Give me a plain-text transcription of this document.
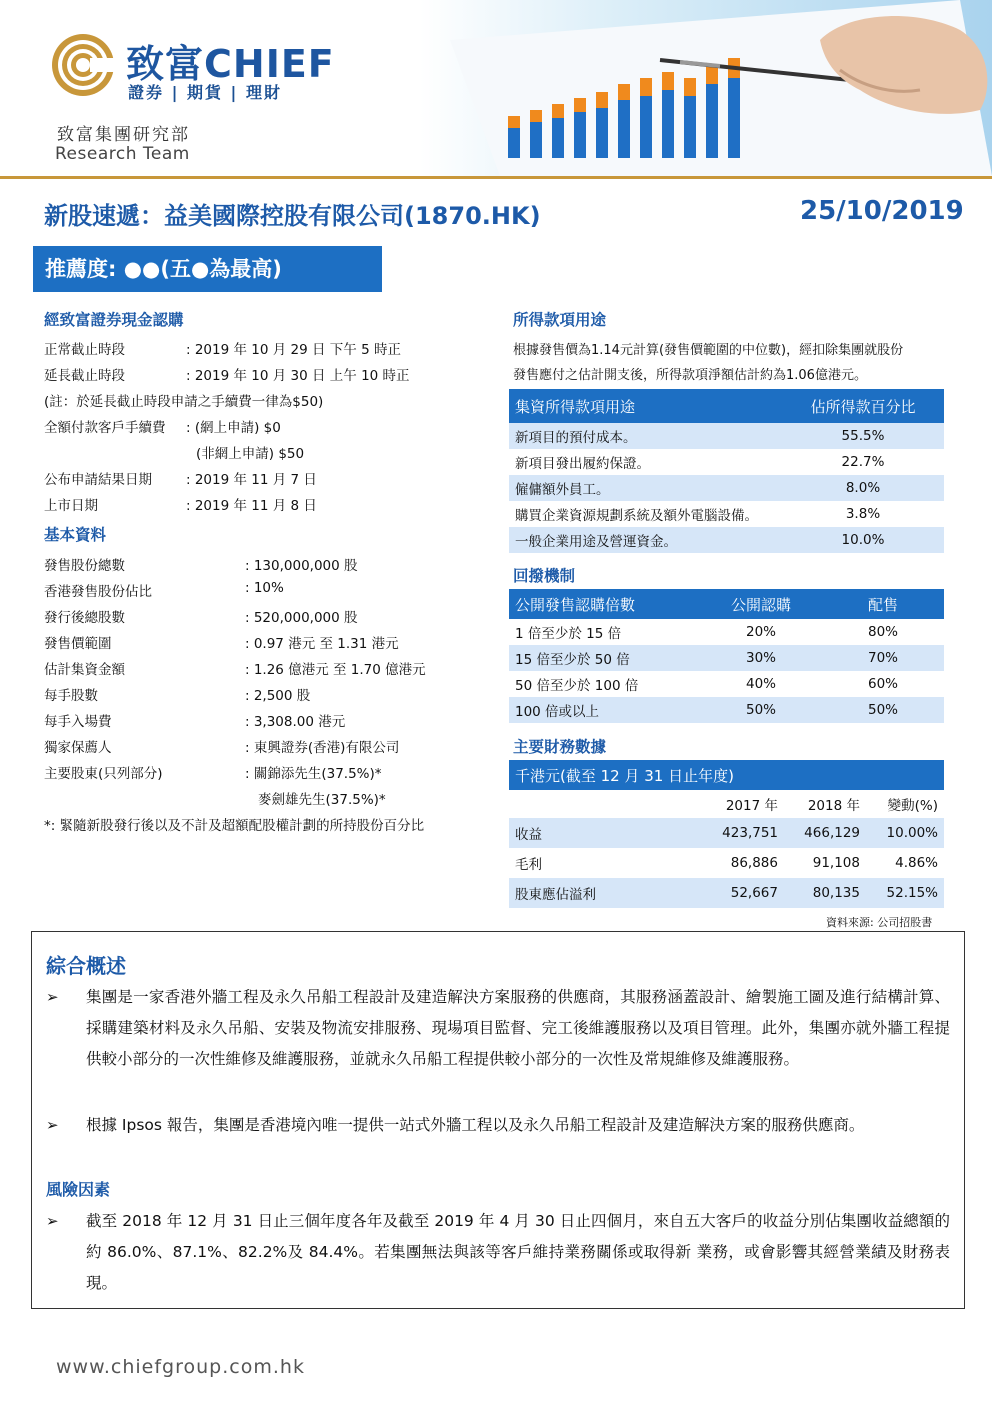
致富CHIEF
證券 | 期貨 | 理財
致富集團研究部
Research Team
新股速遞：益美國際控股有限公司(1870.HK)	25/10/2019
推薦度: ●●(五●為最高)
經致富證券現金認購
正常截止時段	: 2019 年 10 月 29 日 下午 5 時正
延長截止時段	: 2019 年 10 月 30 日 上午 10 時正
(註：於延長截止時段申請之手續費一律為$50)
全額付款客戶手續費 : (網上申請) $0
(非網上申請) $50
公布申請結果日期	: 2019 年 11 月 7 日
上市日期	: 2019 年 11 月 8 日
基本資料
發售股份總數	: 130,000,000 股
香港發售股份佔比	: 10%
發行後總股數	: 520,000,000 股
發售價範圍	: 0.97 港元 至 1.31 港元
估計集資金額	: 1.26 億港元 至 1.70 億港元
每手股數	: 2,500 股
每手入場費	: 3,308.00 港元
獨家保薦人	: 東興證券(香港)有限公司
主要股東(只列部分)	: 關錦添先生(37.5%)*
麥劍雄先生(37.5%)*
*: 緊隨新股發行後以及不計及超額配股權計劃的所持股份百分比
所得款項用途
根據發售價為1.14元計算(發售價範圍的中位數)，經扣除集團就股份
發售應付之估計開支後，所得款項淨額估計約為1.06億港元。
集資所得款項用途	佔所得款百分比
新項目的預付成本。	55.5%
新項目發出履約保證。	22.7%
僱傭額外員工。	8.0%
購買企業資源規劃系統及額外電腦設備。	3.8%
一般企業用途及營運資金。	10.0%
回撥機制
公開發售認購倍數	公開認購	配售
1 倍至少於 15 倍	20%	80%
15 倍至少於 50 倍	30%	70%
50 倍至少於 100 倍	40%	60%
100 倍或以上	50%	50%
主要財務數據
千港元(截至 12 月 31 日止年度)			
	2017 年	2018 年	變動(%)
收益	423,751	466,129	10.00%
毛利	86,886	91,108	4.86%
股東應佔溢利	52,667	80,135	52.15%
資料來源: 公司招股書
綜合概述
➢ 集團是一家香港外牆工程及永久吊船工程設計及建造解決方案服務的供應商，其服務涵蓋設計、繪製施工圖及進行結構計算、採購建築材料及永久吊船、安裝及物流安排服務、現場項目監督、完工後維護服務以及項目管理。此外，集團亦就外牆工程提供較小部分的一次性維修及維護服務，並就永久吊船工程提供較小部分的一次性及常規維修及維護服務。
➢ 根據 Ipsos 報告，集團是香港境內唯一提供一站式外牆工程以及永久吊船工程設計及建造解決方案的服務供應商。
風險因素
➢ 截至 2018 年 12 月 31 日止三個年度各年及截至 2019 年 4 月 30 日止四個月，來自五大客戶的收益分別佔集團收益總額的約 86.0%、87.1%、82.2%及 84.4%。若集團無法與該等客戶維持業務關係或取得新 業務，或會影響其經營業績及財務表現。
www.chiefgroup.com.hk
